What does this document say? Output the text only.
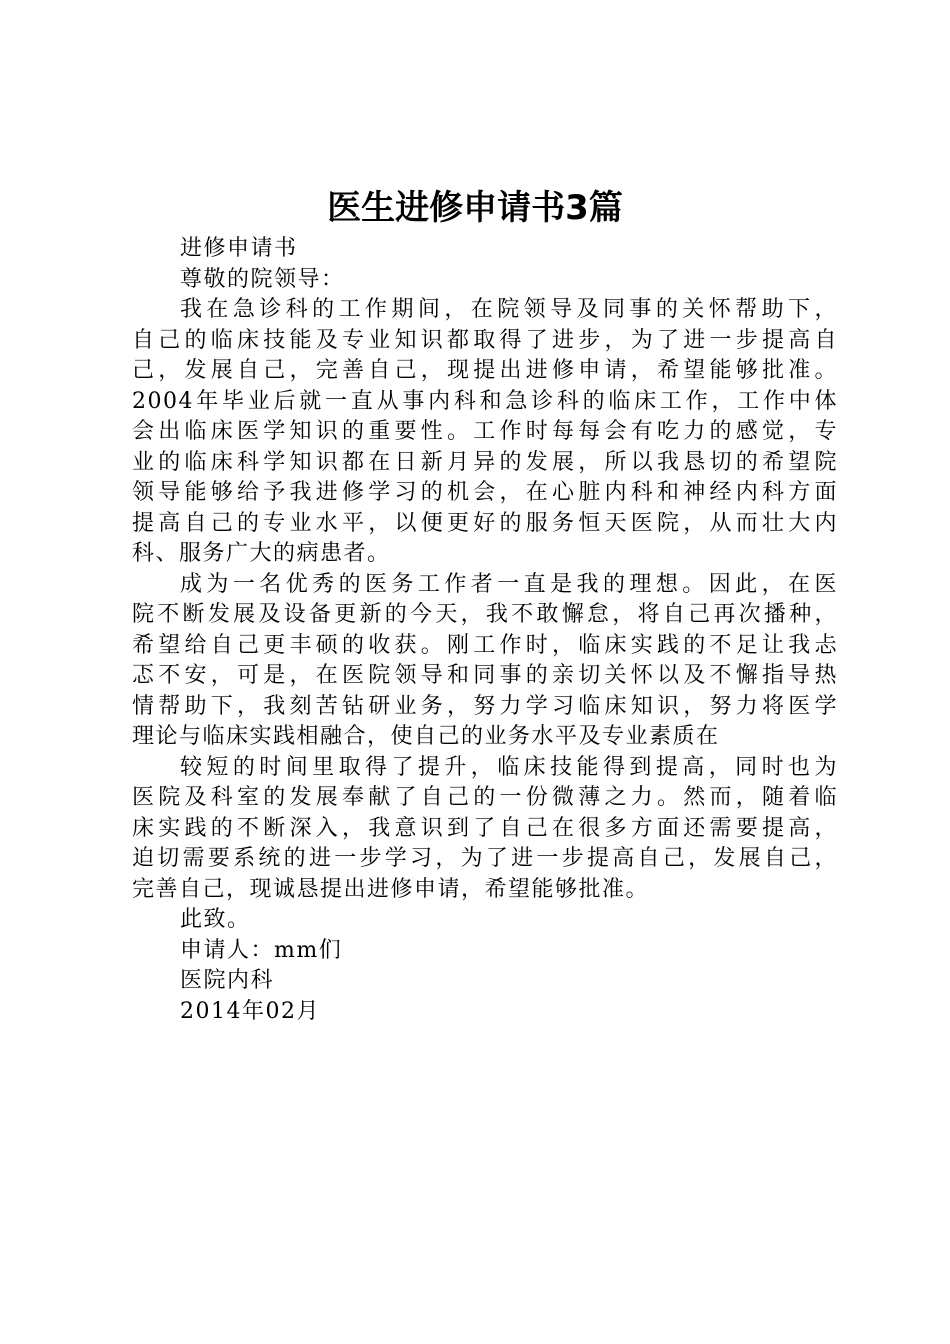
医生进修申请书3篇
进修申请书
尊敬的院领导：
我在急诊科的工作期间，在院领导及同事的关怀帮助下，
自己的临床技能及专业知识都取得了进步，为了进一步提高自
己，发展自己，完善自己，现提出进修申请，希望能够批准。
2004年毕业后就一直从事内科和急诊科的临床工作，工作中体
会出临床医学知识的重要性。工作时每每会有吃力的感觉，专
业的临床科学知识都在日新月异的发展，所以我恳切的希望院
领导能够给予我进修学习的机会，在心脏内科和神经内科方面
提高自己的专业水平，以便更好的服务恒天医院，从而壮大内
科、服务广大的病患者。
成为一名优秀的医务工作者一直是我的理想。因此，在医
院不断发展及设备更新的今天，我不敢懈怠，将自己再次播种，
希望给自己更丰硕的收获。刚工作时，临床实践的不足让我忐
忑不安，可是，在医院领导和同事的亲切关怀以及不懈指导热
情帮助下，我刻苦钻研业务，努力学习临床知识，努力将医学
理论与临床实践相融合，使自己的业务水平及专业素质在
较短的时间里取得了提升，临床技能得到提高，同时也为
医院及科室的发展奉献了自己的一份微薄之力。然而，随着临
床实践的不断深入，我意识到了自己在很多方面还需要提高，
迫切需要系统的进一步学习，为了进一步提高自己，发展自己，
完善自己，现诚恳提出进修申请，希望能够批准。
此致。
申请人：mm们
医院内科
2014年02月
